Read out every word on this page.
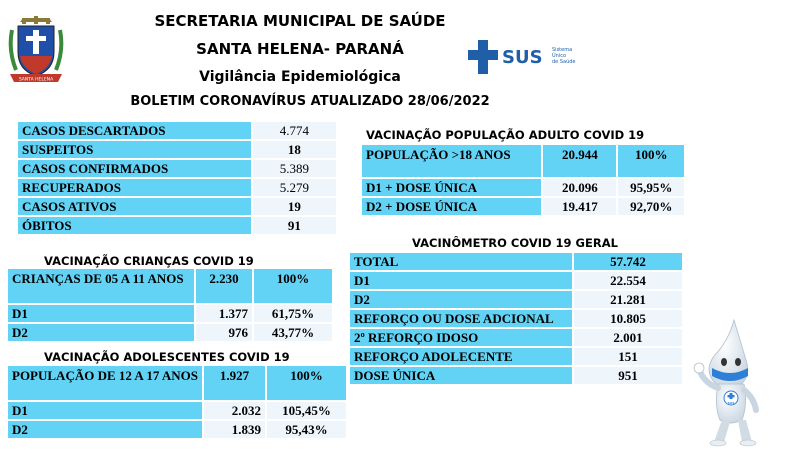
SANTA HELENA
SECRETARIA MUNICIPAL DE SAÚDE
SANTA HELENA- PARANÁ
Vigilância Epidemiológica
BOLETIM CORONAVÍRUS ATUALIZADO 28/06/2022
SUS Sistema
Único
de Saúde
CASOS DESCARTADOS	4.774
SUSPEITOS	18
CASOS CONFIRMADOS	5.389
RECUPERADOS	5.279
CASOS ATIVOS	19
ÓBITOS	91
VACINAÇÃO POPULAÇÃO ADULTO COVID 19
POPULAÇÃO >18 ANOS	20.944	100%
D1 + DOSE ÚNICA	20.096	95,95%
D2 + DOSE ÚNICA	19.417	92,70%
VACINAÇÃO CRIANÇAS COVID 19
CRIANÇAS DE 05 A 11 ANOS	2.230	100%
D1	1.377	61,75%
D2	976	43,77%
VACINAÇÃO ADOLESCENTES COVID 19
POPULAÇÃO DE 12 A 17 ANOS	1.927	100%
D1	2.032	105,45%
D2	1.839	95,43%
VACINÔMETRO COVID 19 GERAL
TOTAL	57.742
D1	22.554
D2	21.281
REFORÇO OU DOSE ADCIONAL	10.805
2º REFORÇO IDOSO	2.001
REFORÇO ADOLECENTE	151
DOSE ÚNICA	951
SUS
